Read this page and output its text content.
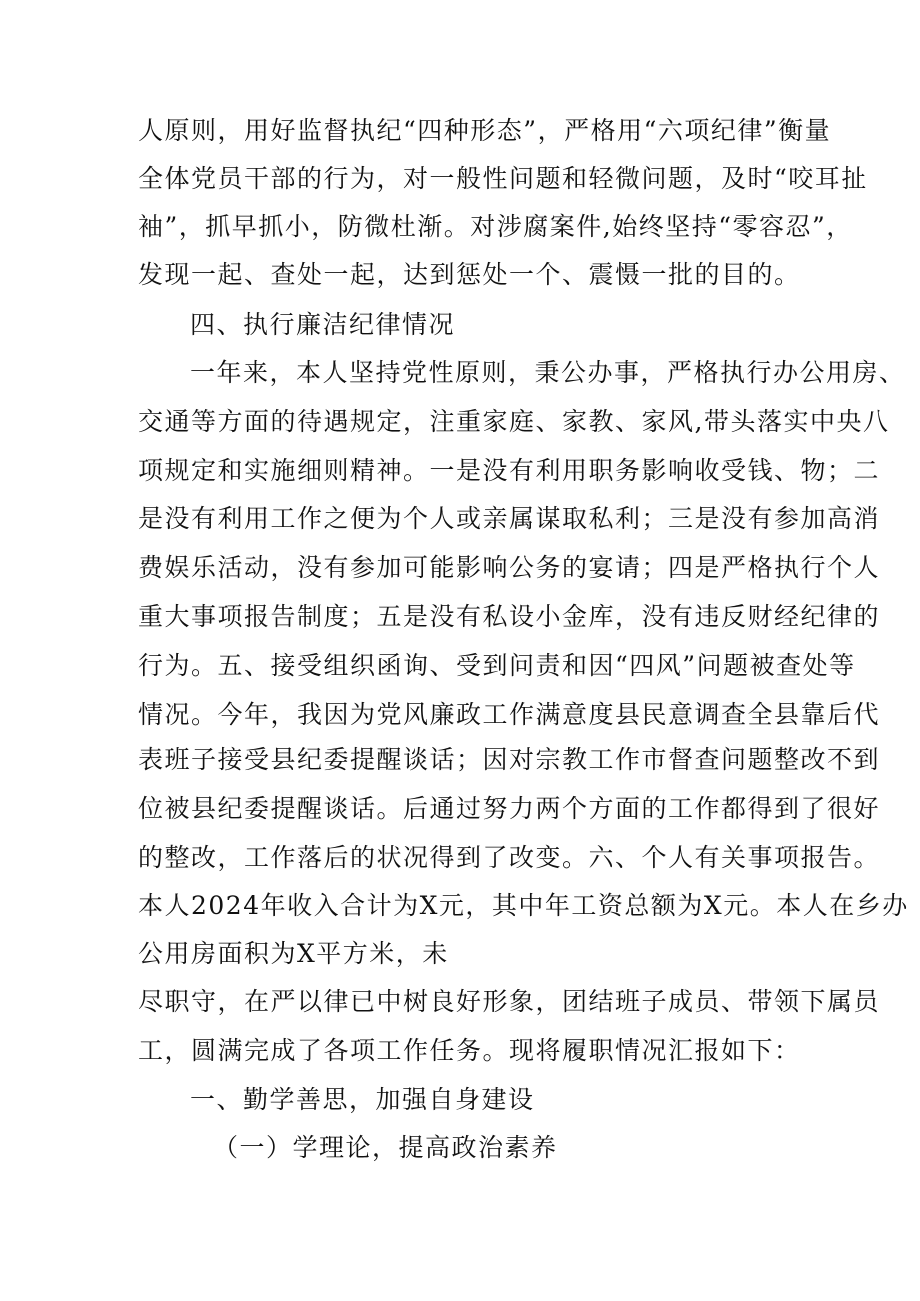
人原则，用好监督执纪“四种形态”，严格用“六项纪律”衡量
全体党员干部的行为，对一般性问题和轻微问题，及时“咬耳扯
袖”，抓早抓小，防微杜渐。对涉腐案件,始终坚持“零容忍”，
发现一起、查处一起，达到惩处一个、震慑一批的目的。
四、执行廉洁纪律情况
一年来，本人坚持党性原则，秉公办事，严格执行办公用房、
交通等方面的待遇规定，注重家庭、家教、家风,带头落实中央八
项规定和实施细则精神。一是没有利用职务影响收受钱、物；二
是没有利用工作之便为个人或亲属谋取私利；三是没有参加高消
费娱乐活动，没有参加可能影响公务的宴请；四是严格执行个人
重大事项报告制度；五是没有私设小金库，没有违反财经纪律的
行为。五、接受组织函询、受到问责和因“四风”问题被查处等
情况。今年，我因为党风廉政工作满意度县民意调查全县靠后代
表班子接受县纪委提醒谈话；因对宗教工作市督查问题整改不到
位被县纪委提醒谈话。后通过努力两个方面的工作都得到了很好
的整改，工作落后的状况得到了改变。六、个人有关事项报告。
本人2024年收入合计为X元，其中年工资总额为X元。本人在乡办
公用房面积为X平方米，未
尽职守，在严以律已中树良好形象，团结班子成员、带领下属员
工，圆满完成了各项工作任务。现将履职情况汇报如下：
一、勤学善思，加强自身建设
（一）学理论，提高政治素养
